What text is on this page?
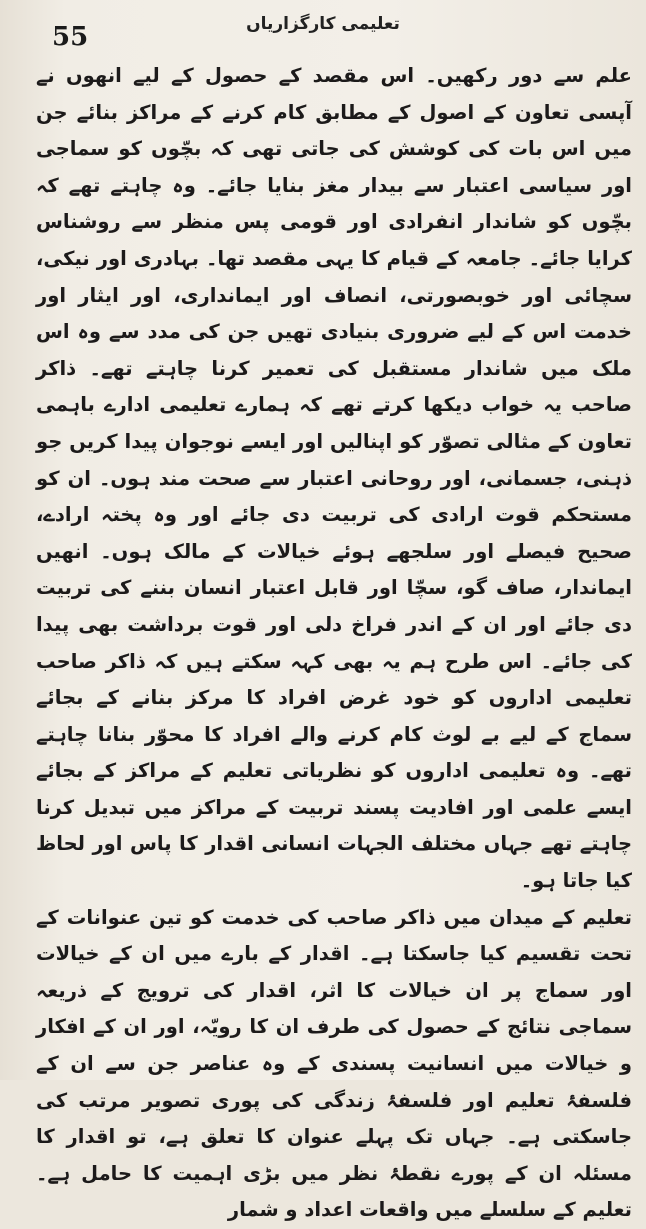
55	تعلیمی کارگزاریاں

علم سے دور رکھیں۔ اس مقصد کے حصول کے لیے انھوں نے آپسی تعاون کے اصول کے مطابق کام کرنے کے مراکز بنائے جن میں اس بات کی کوشش کی جاتی تھی کہ بچّوں کو سماجی اور سیاسی اعتبار سے بیدار مغز بنایا جائے۔ وہ چاہتے تھے کہ بچّوں کو شاندار انفرادی اور قومی پس منظر سے روشناس کرایا جائے۔ جامعہ کے قیام کا یہی مقصد تھا۔ بہادری اور نیکی، سچائی اور خوبصورتی، انصاف اور ایمانداری، اور ایثار اور خدمت اس کے لیے ضروری بنیادی تھیں جن کی مدد سے وہ اس ملک میں شاندار مستقبل کی تعمیر کرنا چاہتے تھے۔ ذاکر صاحب یہ خواب دیکھا کرتے تھے کہ ہمارے تعلیمی ادارے باہمی تعاون کے مثالی تصوّر کو اپنالیں اور ایسے نوجوان پیدا کریں جو ذہنی، جسمانی، اور روحانی اعتبار سے صحت مند ہوں۔ ان کو مستحکم قوت ارادی کی تربیت دی جائے اور وہ پختہ ارادے، صحیح فیصلے اور سلجھے ہوئے خیالات کے مالک ہوں۔ انھیں ایماندار، صاف گو، سچّا اور قابل اعتبار انسان بننے کی تربیت دی جائے اور ان کے اندر فراخ دلی اور قوت برداشت بھی پیدا کی جائے۔ اس طرح ہم یہ بھی کہہ سکتے ہیں کہ ذاکر صاحب تعلیمی اداروں کو خود غرض افراد کا مرکز بنانے کے بجائے سماج کے لیے بے لوث کام کرنے والے افراد کا محوّر بنانا چاہتے تھے۔ وہ تعلیمی اداروں کو نظریاتی تعلیم کے مراکز کے بجائے ایسے علمی اور افادیت پسند تربیت کے مراکز میں تبدیل کرنا چاہتے تھے جہاں مختلف الجہات انسانی اقدار کا پاس اور لحاظ کیا جاتا ہو۔

تعلیم کے میدان میں ذاکر صاحب کی خدمت کو تین عنوانات کے تحت تقسیم کیا جاسکتا ہے۔ اقدار کے بارے میں ان کے خیالات اور سماج پر ان خیالات کا اثر، اقدار کی ترویج کے ذریعہ سماجی نتائج کے حصول کی طرف ان کا رویّہ، اور ان کے افکار و خیالات میں انسانیت پسندی کے وہ عناصر جن سے ان کے فلسفۂ تعلیم اور فلسفۂ زندگی کی پوری تصویر مرتب کی جاسکتی ہے۔ جہاں تک پہلے عنوان کا تعلق ہے، تو اقدار کا مسئلہ ان کے پورے نقطۂ نظر میں بڑی اہمیت کا حامل ہے۔ تعلیم کے سلسلے میں واقعات اعداد و شمار
